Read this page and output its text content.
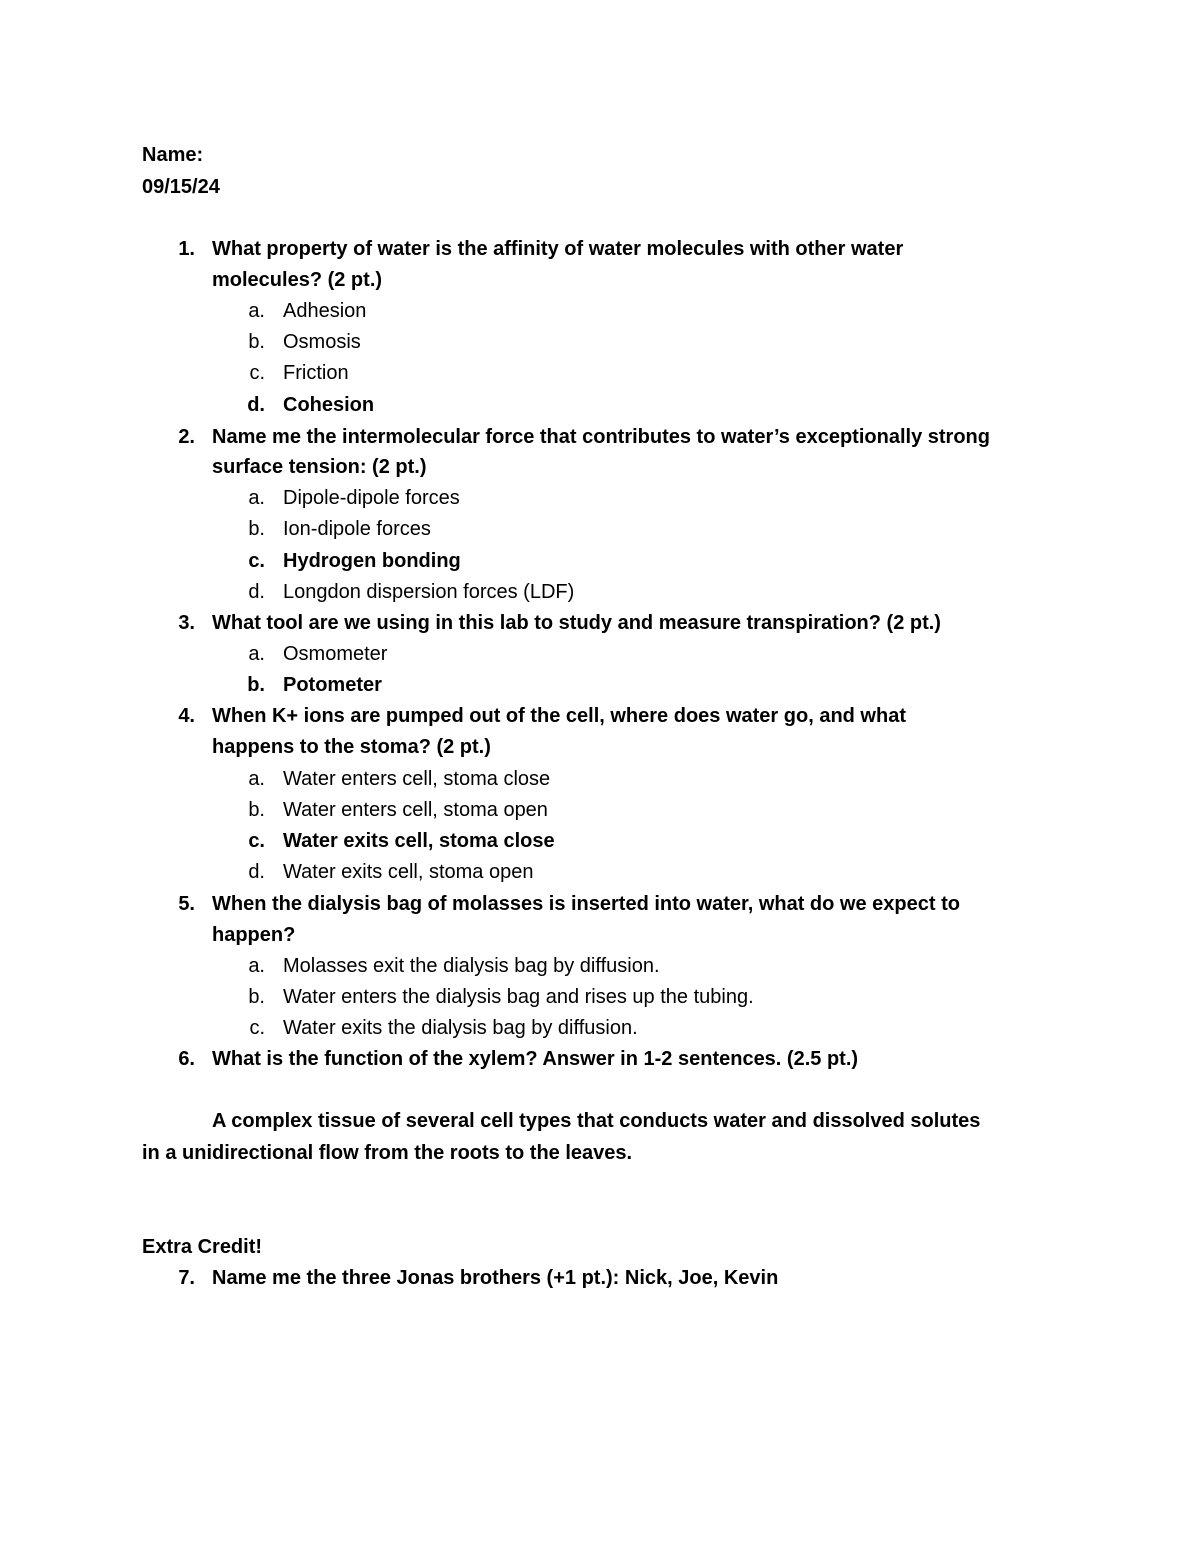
Name:
09/15/24
1. What property of water is the affinity of water molecules with other water
molecules? (2 pt.)
a. Adhesion
b. Osmosis
c. Friction
d. Cohesion
2. Name me the intermolecular force that contributes to water’s exceptionally strong
surface tension: (2 pt.)
a. Dipole-dipole forces
b. Ion-dipole forces
c. Hydrogen bonding
d. Longdon dispersion forces (LDF)
3. What tool are we using in this lab to study and measure transpiration? (2 pt.)
a. Osmometer
b. Potometer
4. When K+ ions are pumped out of the cell, where does water go, and what
happens to the stoma? (2 pt.)
a. Water enters cell, stoma close
b. Water enters cell, stoma open
c. Water exits cell, stoma close
d. Water exits cell, stoma open
5. When the dialysis bag of molasses is inserted into water, what do we expect to
happen?
a. Molasses exit the dialysis bag by diffusion.
b. Water enters the dialysis bag and rises up the tubing.
c. Water exits the dialysis bag by diffusion.
6. What is the function of the xylem? Answer in 1-2 sentences. (2.5 pt.)
A complex tissue of several cell types that conducts water and dissolved solutes
in a unidirectional flow from the roots to the leaves.
Extra Credit!
7. Name me the three Jonas brothers (+1 pt.): Nick, Joe, Kevin
